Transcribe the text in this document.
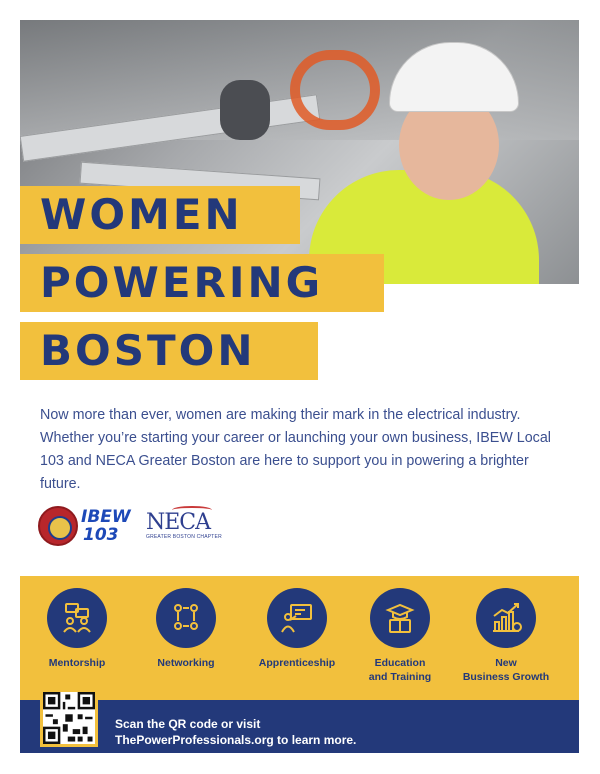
WOMEN
POWERING
BOSTON

Now more than ever, women are making their mark in the electrical industry. Whether you’re starting your career or launching your own business, IBEW Local 103 and NECA Greater Boston are here to support you in powering a brighter future.

IBEW
103	NECA
GREATER BOSTON CHAPTER
Mentorship	Networking	Apprenticeship	Education
and Training
New
Business Growth
Scan the QR code or visit
ThePowerProfessionals.org to learn more.
